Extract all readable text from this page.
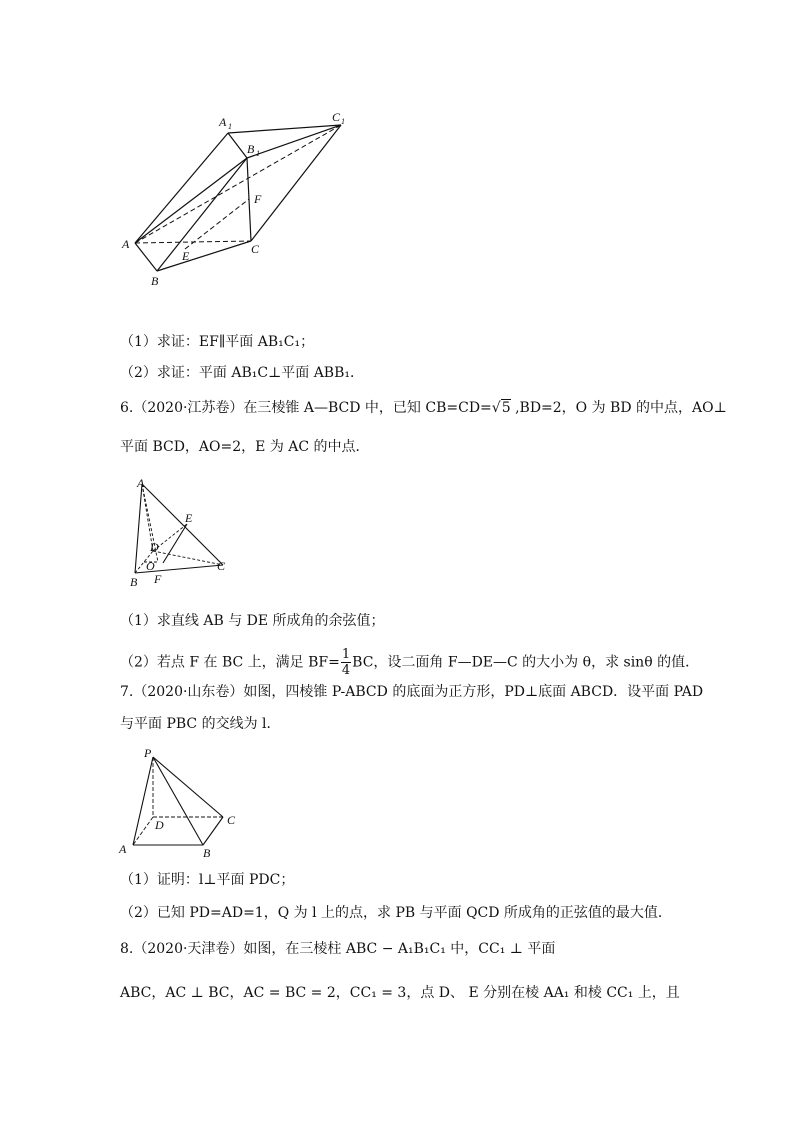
A 1
C 1
B 1
F
A	C
E
B
（1）求证：EF∥平面 AB₁C₁；
（2）求证：平面 AB₁C⊥平面 ABB₁．
6.（2020·江苏卷）在三棱锥 A—BCD 中，已知 CB=CD=√5 ,BD=2，O 为 BD 的中点，AO⊥
平面 BCD，AO=2，E 为 AC 的中点．
A
E
D
O
B F
C
（1）求直线 AB 与 DE 所成角的余弦值；
（2）若点 F 在 BC 上，满足 $BF= \frac{1}{4}$ BC，设二面角 F—DE—C 的大小为 θ，求 sinθ 的值．
7.（2020·山东卷）如图，四棱锥 P-ABCD 的底面为正方形，PD⊥底面 ABCD．设平面 PAD
与平面 PBC 的交线为 l．
P
D	C
A	B
（1）证明：l⊥平面 PDC；
（2）已知 PD=AD=1，Q 为 l 上的点，求 PB 与平面 QCD 所成角的正弦值的最大值．
8.（2020·天津卷）如图，在三棱柱 ABC − A₁B₁C₁ 中，CC₁ ⊥ 平面
ABC，AC ⊥ BC，AC = BC = 2，CC₁ = 3，点 D、 E 分别在棱 AA₁ 和棱 CC₁ 上，且
